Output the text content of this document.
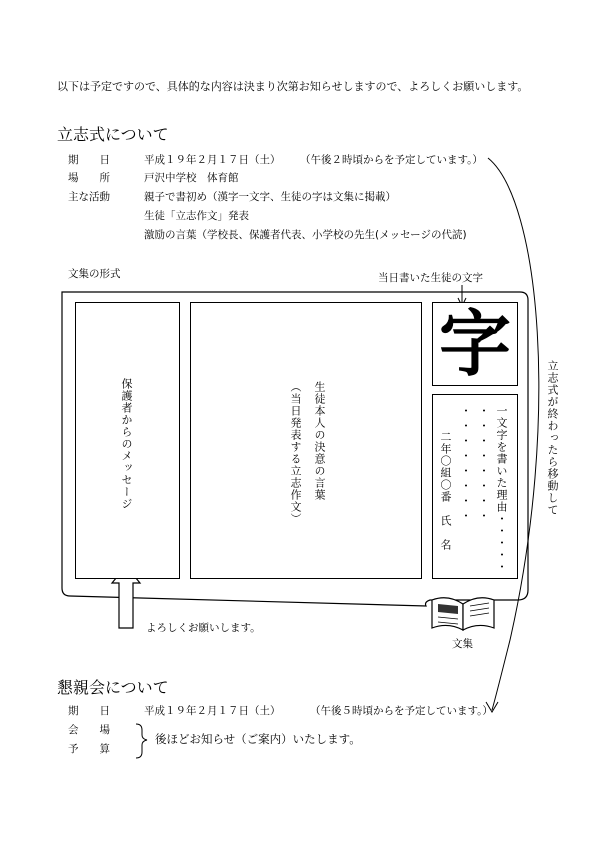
以下は予定ですので、具体的な内容は決まり次第お知らせしますので、よろしくお願いします。
立志式について
期　　日	平成１９年２月１７日（土） （午後２時頃からを予定しています。）
場　　所	戸沢中学校　体育館
主な活動	親子で書初め（漢字一文字、生徒の字は文集に掲載）
生徒「立志作文」発表
激励の言葉（学校長、保護者代表、小学校の先生(メッセージの代読)
文集の形式	当日書いた生徒の文字
保護者からのメッセージ	生徒本人の決意の言葉
（当日発表する立志作文）
字
一文字を書いた理由・・・・・
・・・・・・・・
・・・・・・・・
二年〇組〇番　氏　名
よろしくお願いします。
文集
立志式が終わったら移動して
懇親会について
期　　日	平成１９年２月１７日（土）	（午後５時頃からを予定しています。）
会　　場
予　　算
後ほどお知らせ（ご案内）いたします。
